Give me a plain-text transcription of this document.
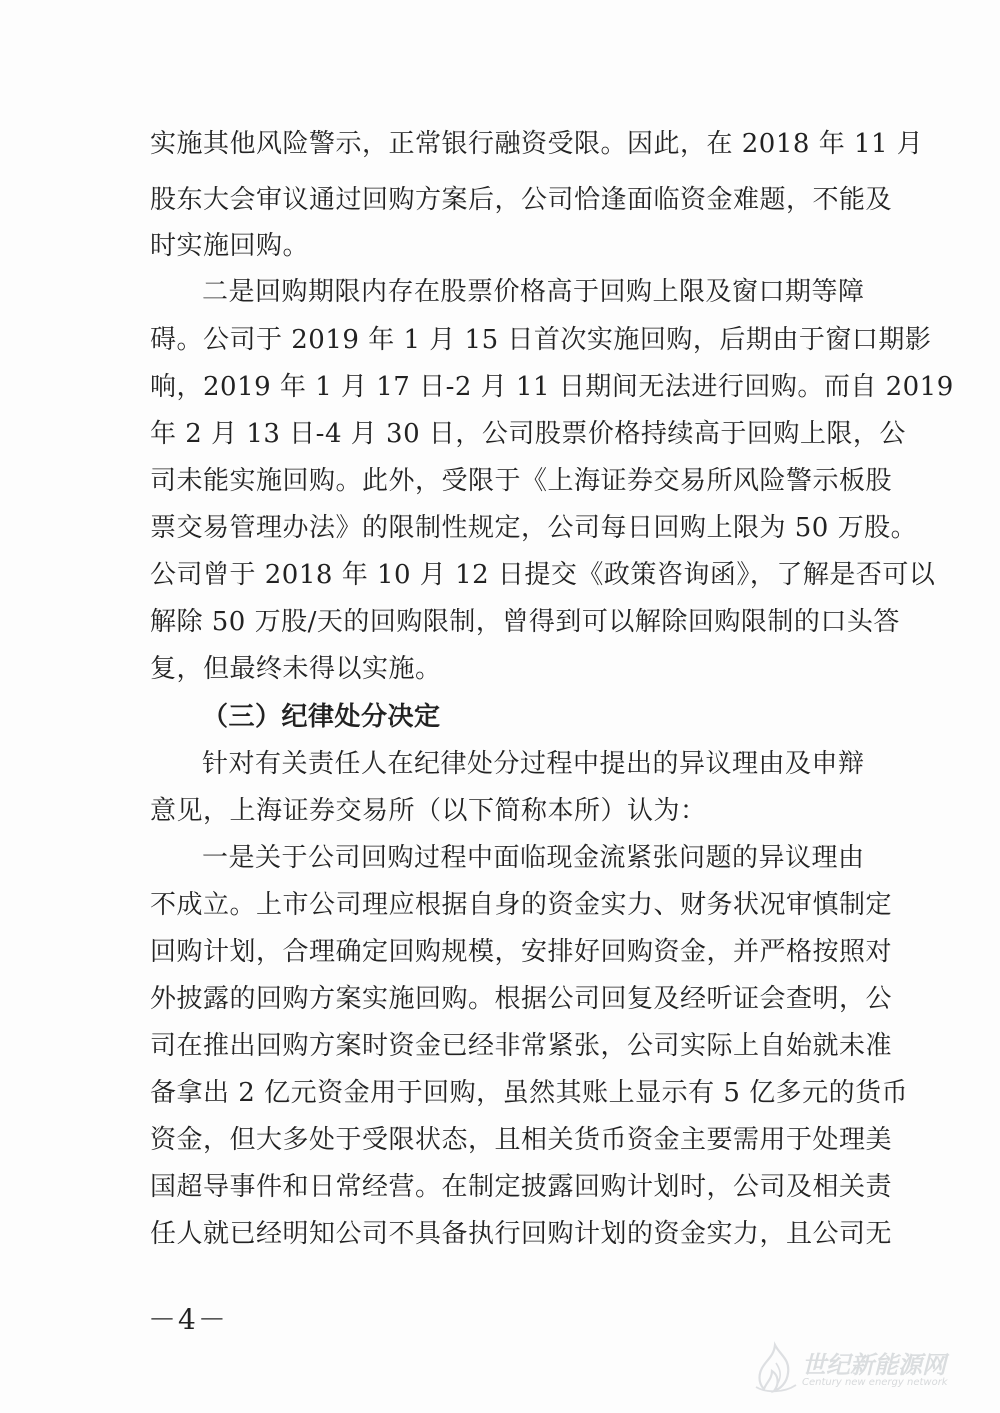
实施其他风险警示，正常银行融资受限。因此，在 2018 年 11 月
股东大会审议通过回购方案后，公司恰逢面临资金难题，不能及
时实施回购。
二是回购期限内存在股票价格高于回购上限及窗口期等障
碍。公司于 2019 年 1 月 15 日首次实施回购，后期由于窗口期影
响，2019 年 1 月 17 日-2 月 11 日期间无法进行回购。而自 2019
年 2 月 13 日-4 月 30 日，公司股票价格持续高于回购上限，公
司未能实施回购。此外，受限于《上海证券交易所风险警示板股
票交易管理办法》的限制性规定，公司每日回购上限为 50 万股。
公司曾于 2018 年 10 月 12 日提交《政策咨询函》，了解是否可以
解除 50 万股/天的回购限制，曾得到可以解除回购限制的口头答
复，但最终未得以实施。
（三）纪律处分决定
针对有关责任人在纪律处分过程中提出的异议理由及申辩
意见，上海证券交易所（以下简称本所）认为：
一是关于公司回购过程中面临现金流紧张问题的异议理由
不成立。上市公司理应根据自身的资金实力、财务状况审慎制定
回购计划，合理确定回购规模，安排好回购资金，并严格按照对
外披露的回购方案实施回购。根据公司回复及经听证会查明，公
司在推出回购方案时资金已经非常紧张，公司实际上自始就未准
备拿出 2 亿元资金用于回购，虽然其账上显示有 5 亿多元的货币
资金，但大多处于受限状态，且相关货币资金主要需用于处理美
国超导事件和日常经营。在制定披露回购计划时，公司及相关责
任人就已经明知公司不具备执行回购计划的资金实力，且公司无
－4－
世纪新能源网
Century new energy network
